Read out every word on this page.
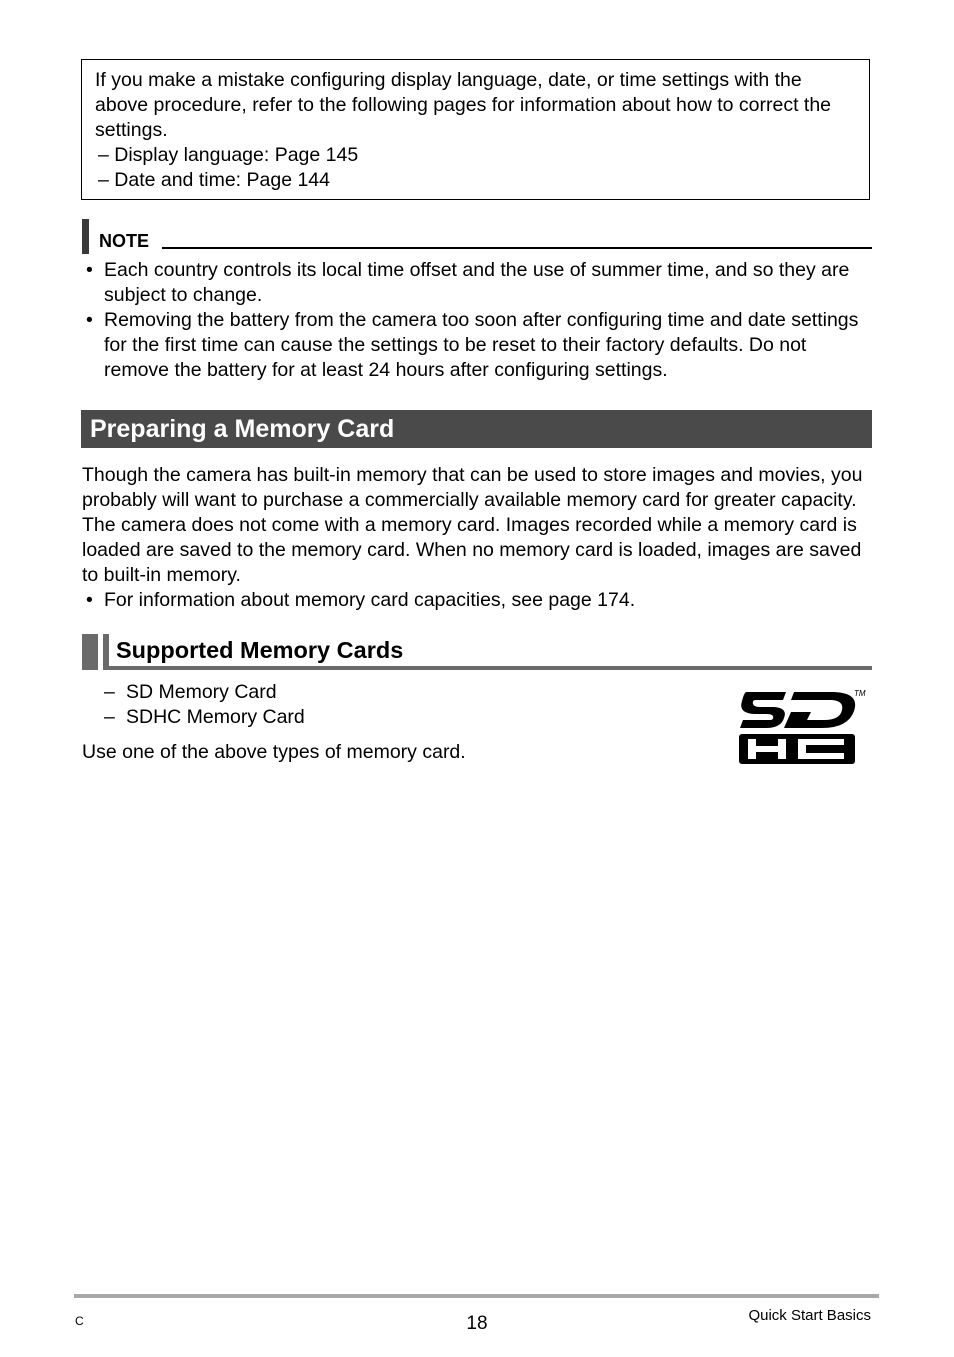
If you make a mistake configuring display language, date, or time settings with the above procedure, refer to the following pages for information about how to correct the settings.
– Display language: Page 145
– Date and time: Page 144
NOTE
• Each country controls its local time offset and the use of summer time, and so they are subject to change.
• Removing the battery from the camera too soon after configuring time and date settings for the first time can cause the settings to be reset to their factory defaults. Do not remove the battery for at least 24 hours after configuring settings.
Preparing a Memory Card
Though the camera has built-in memory that can be used to store images and movies, you probably will want to purchase a commercially available memory card for greater capacity. The camera does not come with a memory card. Images recorded while a memory card is loaded are saved to the memory card. When no memory card is loaded, images are saved to built-in memory.
• For information about memory card capacities, see page 174.
Supported Memory Cards
– SD Memory Card
– SDHC Memory Card
Use one of the above types of memory card.
TM
C	18	Quick Start Basics
